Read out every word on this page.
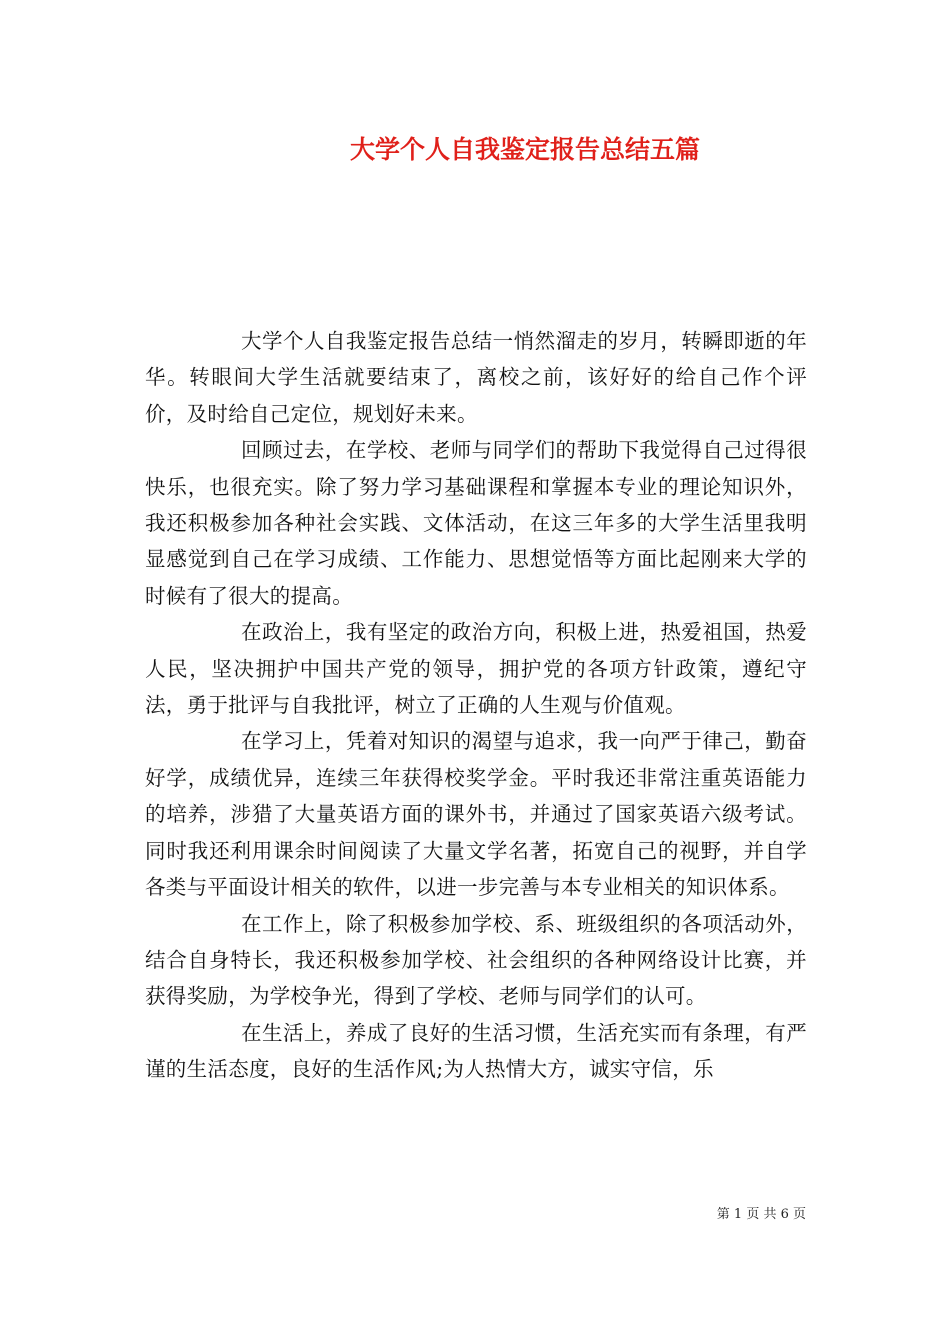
大学个人自我鉴定报告总结五篇

大学个人自我鉴定报告总结一悄然溜走的岁月，转瞬即逝的年华。转眼间大学生活就要结束了，离校之前，该好好的给自己作个评价，及时给自己定位，规划好未来。

回顾过去，在学校、老师与同学们的帮助下我觉得自己过得很快乐，也很充实。除了努力学习基础课程和掌握本专业的理论知识外，我还积极参加各种社会实践、文体活动，在这三年多的大学生活里我明显感觉到自己在学习成绩、工作能力、思想觉悟等方面比起刚来大学的时候有了很大的提高。

在政治上，我有坚定的政治方向，积极上进，热爱祖国，热爱人民，坚决拥护中国共产党的领导，拥护党的各项方针政策，遵纪守法，勇于批评与自我批评，树立了正确的人生观与价值观。

在学习上，凭着对知识的渴望与追求，我一向严于律己，勤奋好学，成绩优异，连续三年获得校奖学金。平时我还非常注重英语能力的培养，涉猎了大量英语方面的课外书，并通过了国家英语六级考试。同时我还利用课余时间阅读了大量文学名著，拓宽自己的视野，并自学各类与平面设计相关的软件，以进一步完善与本专业相关的知识体系。

在工作上，除了积极参加学校、系、班级组织的各项活动外，结合自身特长，我还积极参加学校、社会组织的各种网络设计比赛，并获得奖励，为学校争光，得到了学校、老师与同学们的认可。

在生活上，养成了良好的生活习惯，生活充实而有条理，有严谨的生活态度，良好的生活作风;为人热情大方，诚实守信，乐

第 1 页 共 6 页
